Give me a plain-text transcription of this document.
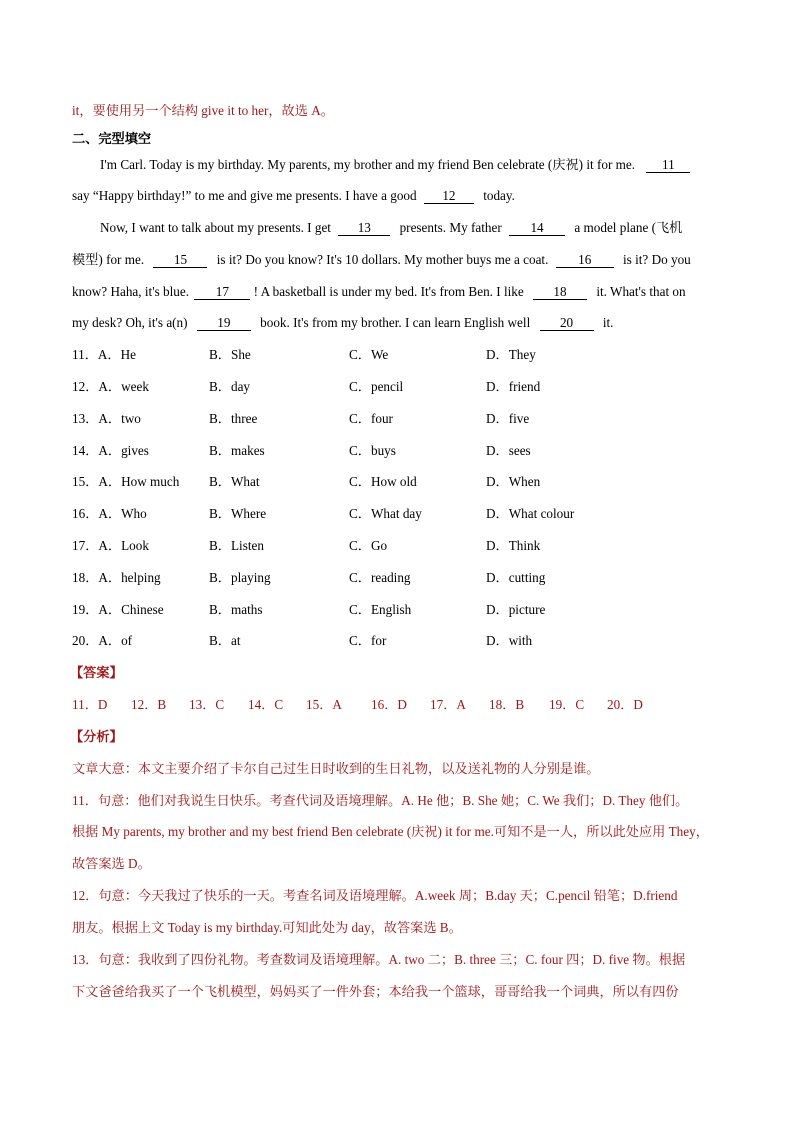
it，要使用另一个结构 give it to her，故选 A。
二、完型填空
I'm Carl. Today is my birthday. My parents, my brother and my friend Ben celebrate (庆祝) it for me. 11
say “Happy birthday!” to me and give me presents. I have a good 12 today.
Now, I want to talk about my presents. I get 13 presents. My father 14 a model plane (飞机
模型) for me. 15 is it? Do you know? It's 10 dollars. My mother buys me a coat. 16 is it? Do you
know? Haha, it's blue. 17 ! A basketball is under my bed. It's from Ben. I like 18 it. What's that on
my desk? Oh, it's a(n) 19 book. It's from my brother. I can learn English well 20 it.
11．A．He	B．She	C．We	D．They
12．A．week	B．day	C．pencil	D．friend
13．A．two	B．three	C．four	D．five
14．A．gives	B．makes	C．buys	D．sees
15．A．How much B．What	C．How old	D．When
16．A．Who	B．Where	C．What day	D．What colour
17．A．Look	B．Listen	C．Go	D．Think
18．A．helping	B．playing	C．reading	D．cutting
19．A．Chinese	B．maths	C．English	D．picture
20．A．of	B．at	C．for	D．with
【答案】
11．D 12．B 13．C 14．C 15．A 16．D 17．A 18．B 19．C 20．D
【分析】
文章大意：本文主要介绍了卡尔自己过生日时收到的生日礼物，以及送礼物的人分别是谁。
11．句意：他们对我说生日快乐。考查代词及语境理解。A. He 他；B. She 她；C. We 我们；D. They 他们。
根据 My parents, my brother and my best friend Ben celebrate (庆祝) it for me.可知不是一人，所以此处应用 They，
故答案选 D。
12．句意：今天我过了快乐的一天。考查名词及语境理解。A.week 周；B.day 天；C.pencil 铅笔；D.friend
朋友。根据上文 Today is my birthday.可知此处为 day，故答案选 B。
13．句意：我收到了四份礼物。考查数词及语境理解。A. two 二；B. three 三；C. four 四；D. five 物。根据
下文爸爸给我买了一个飞机模型，妈妈买了一件外套；本给我一个篮球，哥哥给我一个词典，所以有四份
